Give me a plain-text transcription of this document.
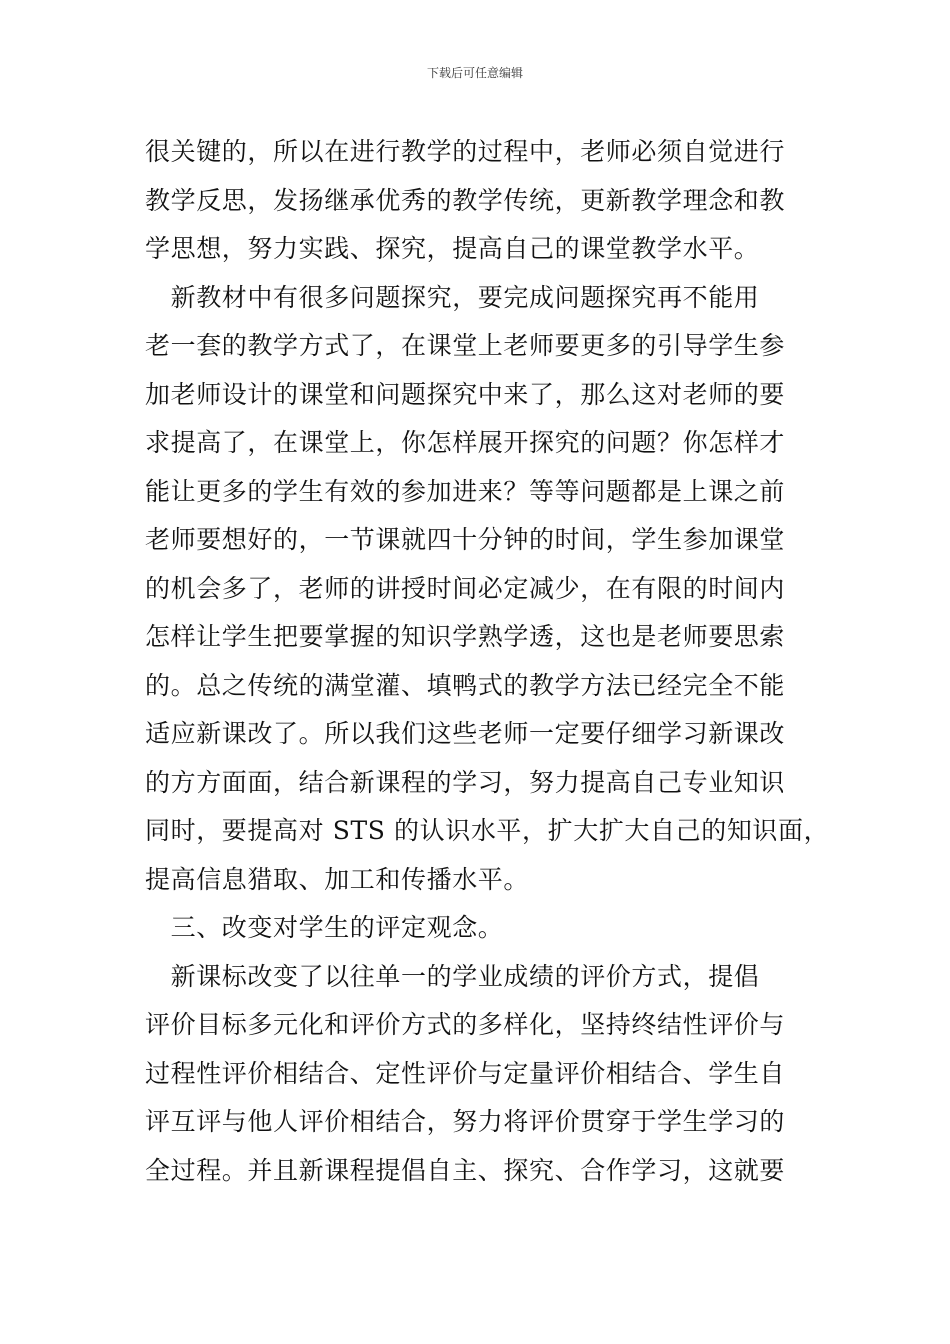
下载后可任意编辑
很关键的，所以在进行教学的过程中，老师必须自觉进行
教学反思，发扬继承优秀的教学传统，更新教学理念和教
学思想，努力实践、探究，提高自己的课堂教学水平。
　新教材中有很多问题探究，要完成问题探究再不能用
老一套的教学方式了，在课堂上老师要更多的引导学生参
加老师设计的课堂和问题探究中来了，那么这对老师的要
求提高了，在课堂上，你怎样展开探究的问题？你怎样才
能让更多的学生有效的参加进来？等等问题都是上课之前
老师要想好的，一节课就四十分钟的时间，学生参加课堂
的机会多了，老师的讲授时间必定减少，在有限的时间内
怎样让学生把要掌握的知识学熟学透，这也是老师要思索
的。总之传统的满堂灌、填鸭式的教学方法已经完全不能
适应新课改了。所以我们这些老师一定要仔细学习新课改
的方方面面，结合新课程的学习，努力提高自己专业知识
同时，要提高对 STS 的认识水平，扩大扩大自己的知识面，
提高信息猎取、加工和传播水平。
　三、改变对学生的评定观念。
　新课标改变了以往单一的学业成绩的评价方式，提倡
评价目标多元化和评价方式的多样化，坚持终结性评价与
过程性评价相结合、定性评价与定量评价相结合、学生自
评互评与他人评价相结合，努力将评价贯穿于学生学习的
全过程。并且新课程提倡自主、探究、合作学习，这就要
